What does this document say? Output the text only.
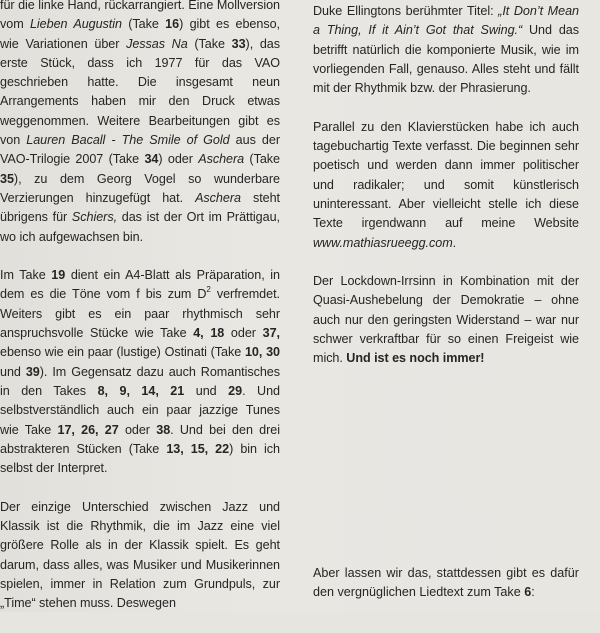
für die linke Hand, rückarrangiert. Eine Mollversion vom Lieben Augustin (Take 16) gibt es ebenso, wie Variationen über Jessas Na (Take 33), das erste Stück, dass ich 1977 für das VAO geschrieben hatte. Die insgesamt neun Arrangements haben mir den Druck etwas weggenommen. Weitere Bearbeitungen gibt es von Lauren Bacall - The Smile of Gold aus der VAO-Trilogie 2007 (Take 34) oder Aschera (Take 35), zu dem Georg Vogel so wunderbare Verzierungen hinzugefügt hat. Aschera steht übrigens für Schiers, das ist der Ort im Prättigau, wo ich aufgewachsen bin.

Im Take 19 dient ein A4-Blatt als Präparation, in dem es die Töne vom f bis zum $D^2$ verfremdet. Weiters gibt es ein paar rhythmisch sehr anspruchsvolle Stücke wie Take 4, 18 oder 37, ebenso wie ein paar (lustige) Ostinati (Take 10, 30 und 39). Im Gegensatz dazu auch Romantisches in den Takes 8, 9, 14, 21 und 29. Und selbstverständlich auch ein paar jazzige Tunes wie Take 17, 26, 27 oder 38. Und bei den drei abstrakteren Stücken (Take 13, 15, 22) bin ich selbst der Interpret.

Der einzige Unterschied zwischen Jazz und Klassik ist die Rhythmik, die im Jazz eine viel größere Rolle als in der Klassik spielt. Es geht darum, dass alles, was Musiker und Musikerinnen spielen, immer in Relation zum Grundpuls, zur „Time“ stehen muss. Deswegen

Duke Ellingtons berühmter Titel: „It Don’t Mean a Thing, If it Ain’t Got that Swing.“ Und das betrifft natürlich die komponierte Musik, wie im vorliegenden Fall, genauso. Alles steht und fällt mit der Rhythmik bzw. der Phrasierung.

Parallel zu den Klavierstücken habe ich auch tagebuchartig Texte verfasst. Die beginnen sehr poetisch und werden dann immer politischer und radikaler; und somit künstlerisch uninteressant. Aber vielleicht stelle ich diese Texte irgendwann auf meine Website www.mathiasrueegg.com.

Der Lockdown-Irrsinn in Kombination mit der Quasi-Aushebelung der Demokratie – ohne auch nur den geringsten Widerstand – war nur schwer verkraftbar für so einen Freigeist wie mich. Und ist es noch immer!

Aber lassen wir das, stattdessen gibt es dafür den vergnüglichen Liedtext zum Take 6:
